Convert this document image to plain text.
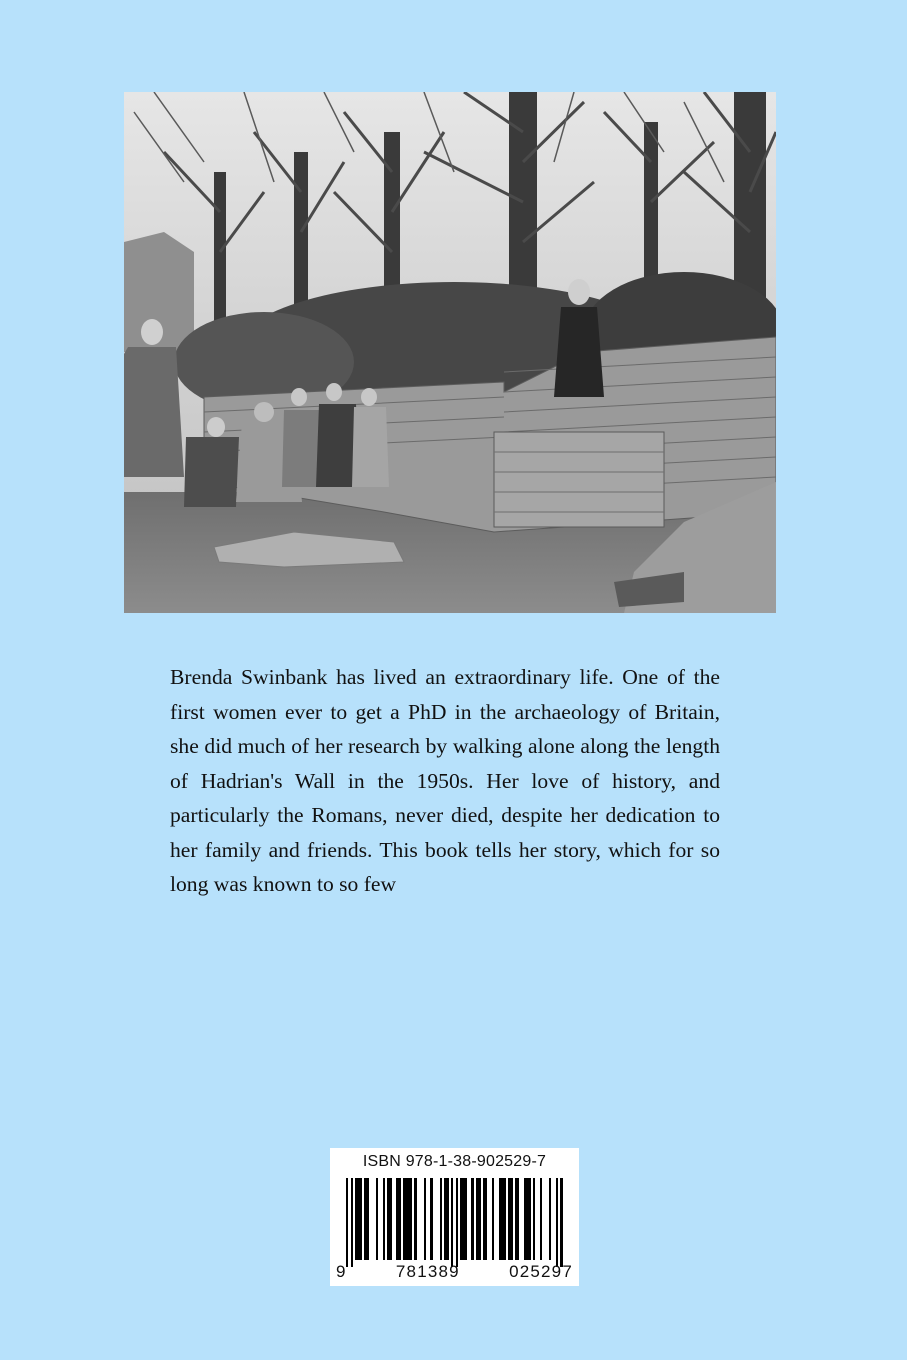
Brenda Swinbank has lived an extraordinary life. One of the first women ever to get a PhD in the archaeology of Britain, she did much of her research by walking alone along the length of Hadrian's Wall in the 1950s. Her love of history, and particularly the Romans, never died, despite her dedication to her family and friends. This book tells her story, which for so long was known to so few

ISBN 978-1-38-902529-7
9	781389	025297
